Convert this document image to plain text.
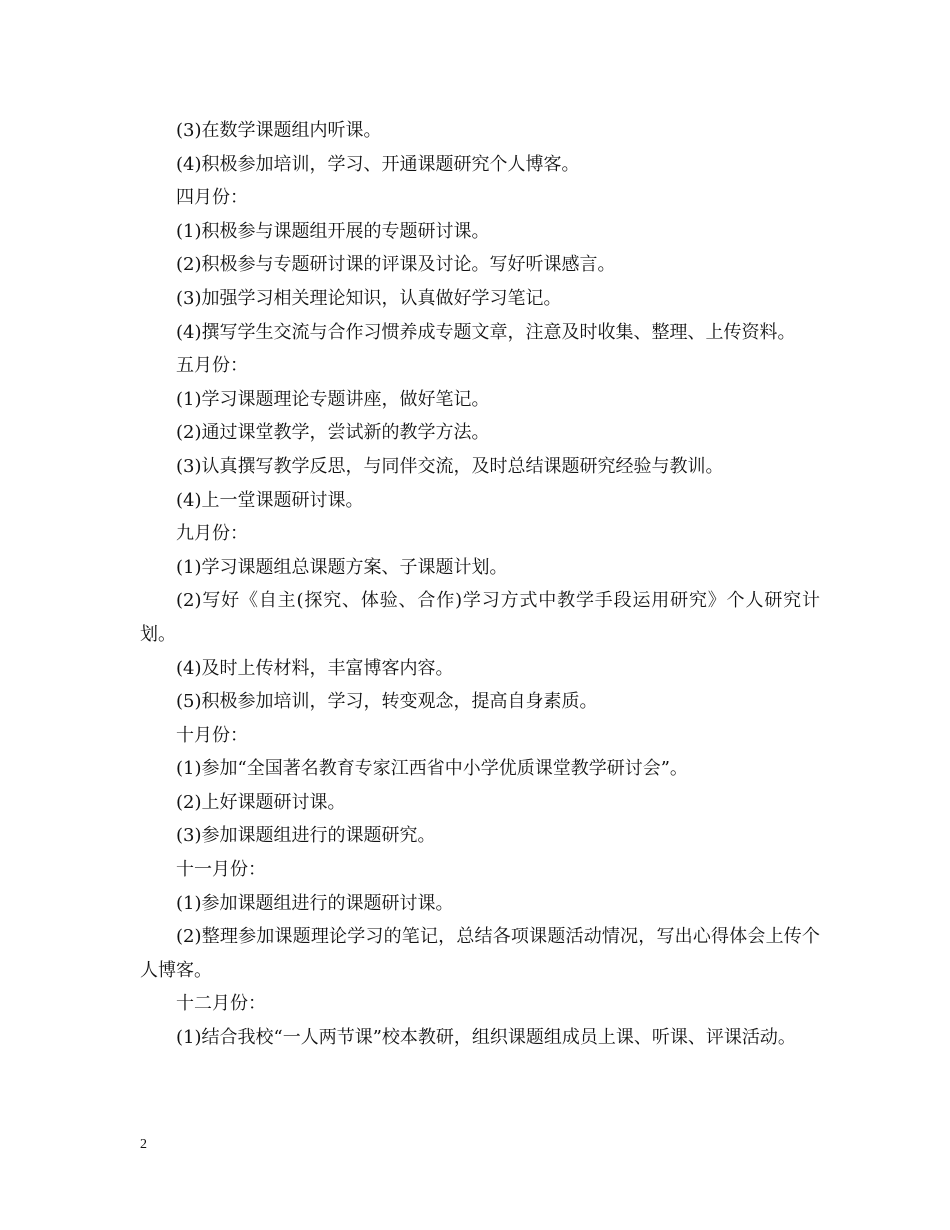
(3)在数学课题组内听课。

(4)积极参加培训，学习、开通课题研究个人博客。

四月份：

(1)积极参与课题组开展的专题研讨课。

(2)积极参与专题研讨课的评课及讨论。写好听课感言。

(3)加强学习相关理论知识，认真做好学习笔记。

(4)撰写学生交流与合作习惯养成专题文章，注意及时收集、整理、上传资料。

五月份：

(1)学习课题理论专题讲座，做好笔记。

(2)通过课堂教学，尝试新的教学方法。

(3)认真撰写教学反思，与同伴交流，及时总结课题研究经验与教训。

(4)上一堂课题研讨课。

九月份：

(1)学习课题组总课题方案、子课题计划。

(2)写好《自主(探究、体验、合作)学习方式中教学手段运用研究》个人研究计划。

(4)及时上传材料，丰富博客内容。

(5)积极参加培训，学习，转变观念，提高自身素质。

十月份：

(1)参加“全国著名教育专家江西省中小学优质课堂教学研讨会”。

(2)上好课题研讨课。

(3)参加课题组进行的课题研究。

十一月份：

(1)参加课题组进行的课题研讨课。

(2)整理参加课题理论学习的笔记，总结各项课题活动情况，写出心得体会上传个人博客。

十二月份：

(1)结合我校“一人两节课”校本教研，组织课题组成员上课、听课、评课活动。

2
